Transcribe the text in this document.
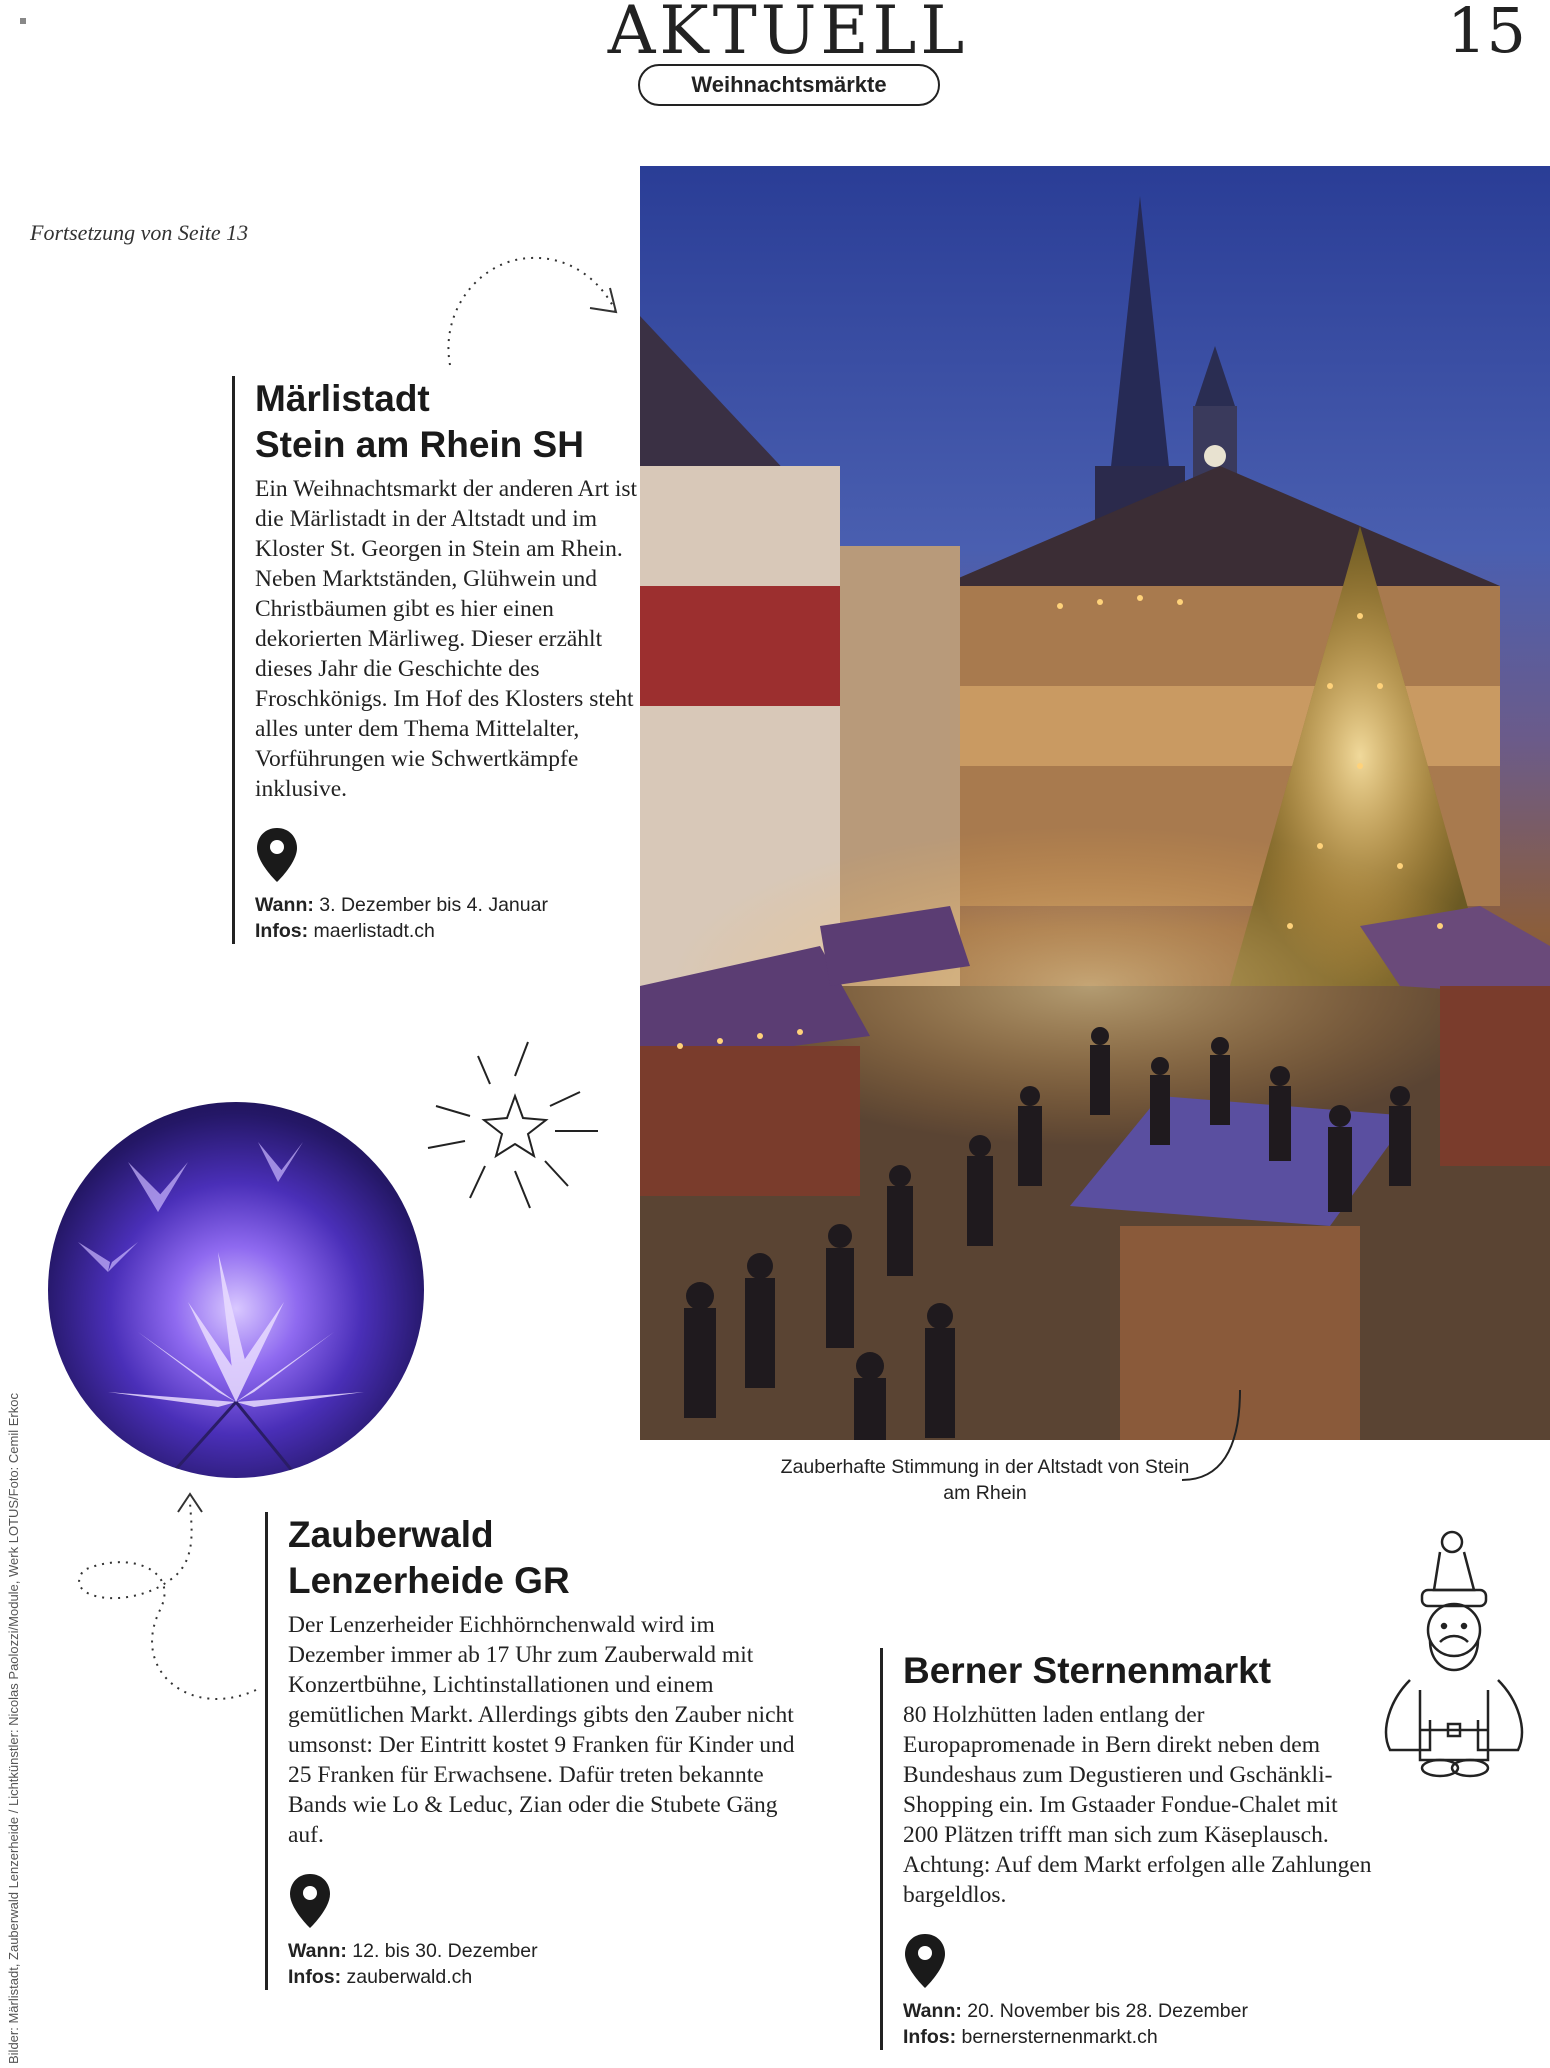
AKTUELL	15
Weihnachtsmärkte
Fortsetzung von Seite 13
Märlistadt
Stein am Rhein SH

Ein Weihnachtsmarkt der anderen Art ist die Märlistadt in der Altstadt und im Kloster St. Georgen in Stein am Rhein. Neben Marktständen, Glühwein und Christbäumen gibt es hier einen dekorierten Märliweg. Dieser erzählt dieses Jahr die Geschichte des Froschkönigs. Im Hof des Klosters steht alles unter dem Thema Mittelalter, Vorführungen wie Schwertkämpfe inklusive.

Wann: 3. Dezember bis 4. Januar
Infos: maerlistadt.ch
Zauberhafte Stimmung in der Altstadt von Stein am Rhein
Zauberwald
Lenzerheide GR

Der Lenzerheider Eichhörnchenwald wird im Dezember immer ab 17 Uhr zum Zauberwald mit Konzertbühne, Lichtinstallationen und einem gemütlichen Markt. Allerdings gibts den Zauber nicht umsonst: Der Eintritt kostet 9 Franken für Kinder und 25 Franken für Erwachsene. Dafür treten bekannte Bands wie Lo & Leduc, Zian oder die Stubete Gäng auf.

Wann: 12. bis 30. Dezember
Infos: zauberwald.ch
Berner Sternenmarkt

80 Holzhütten laden entlang der Europapromenade in Bern direkt neben dem Bundeshaus zum Degustieren und Gschänkli-Shopping ein. Im Gstaader Fondue-Chalet mit 200 Plätzen trifft man sich zum Käseplausch. Achtung: Auf dem Markt erfolgen alle Zahlungen bargeldlos.

Wann: 20. November bis 28. Dezember
Infos: bernersternenmarkt.ch
Bilder: Märlistadt, Zauberwald Lenzerheide / Lichtkünstler: Nicolas Paolozzi/Module, Werk LOTUS/Foto: Cemil Erkoc
